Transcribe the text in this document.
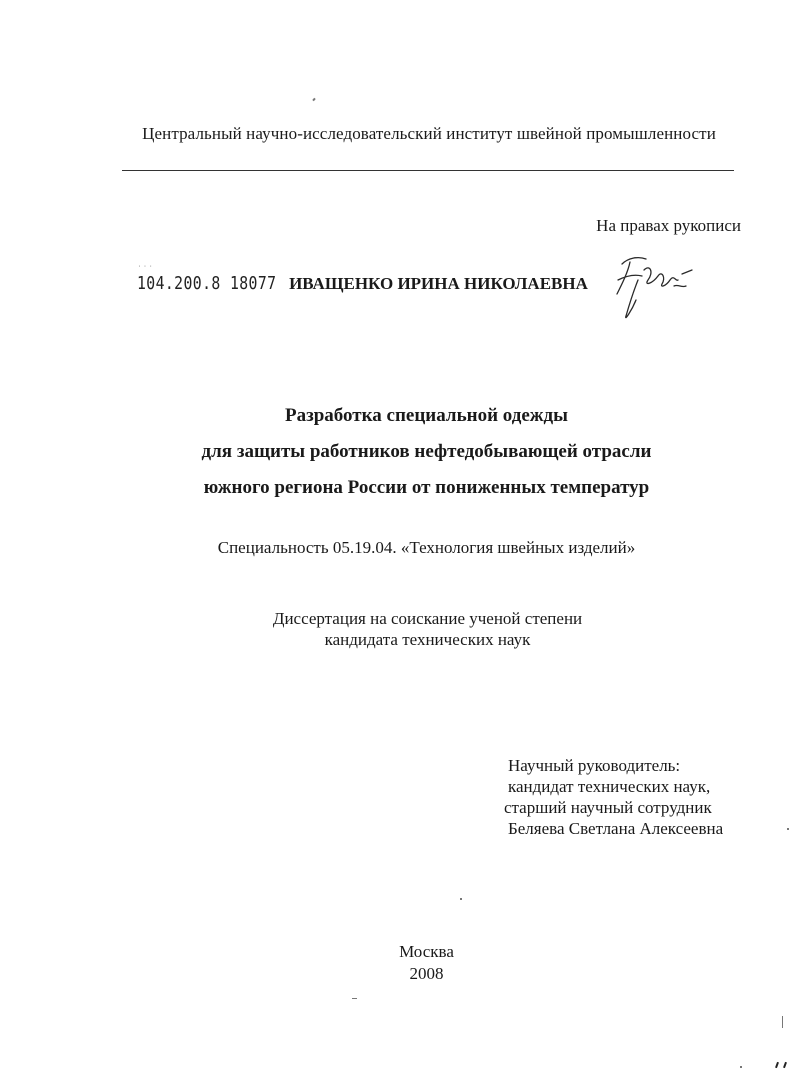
Центральный научно-исследовательский институт швейной промышленности
На правах рукописи
˙˙˙
104.200.8 18077 ИВАЩЕНКО ИРИНА НИКОЛАЕВНА
Разработка специальной одежды
для защиты работников нефтедобывающей отрасли
южного региона России от пониженных температур
Специальность 05.19.04. «Технология швейных изделий»
Диссертация на соискание ученой степени
кандидата технических наук
Научный руководитель:
кандидат технических наук,
старший научный сотрудник
Беляева Светлана Алексеевна
Москва
2008
